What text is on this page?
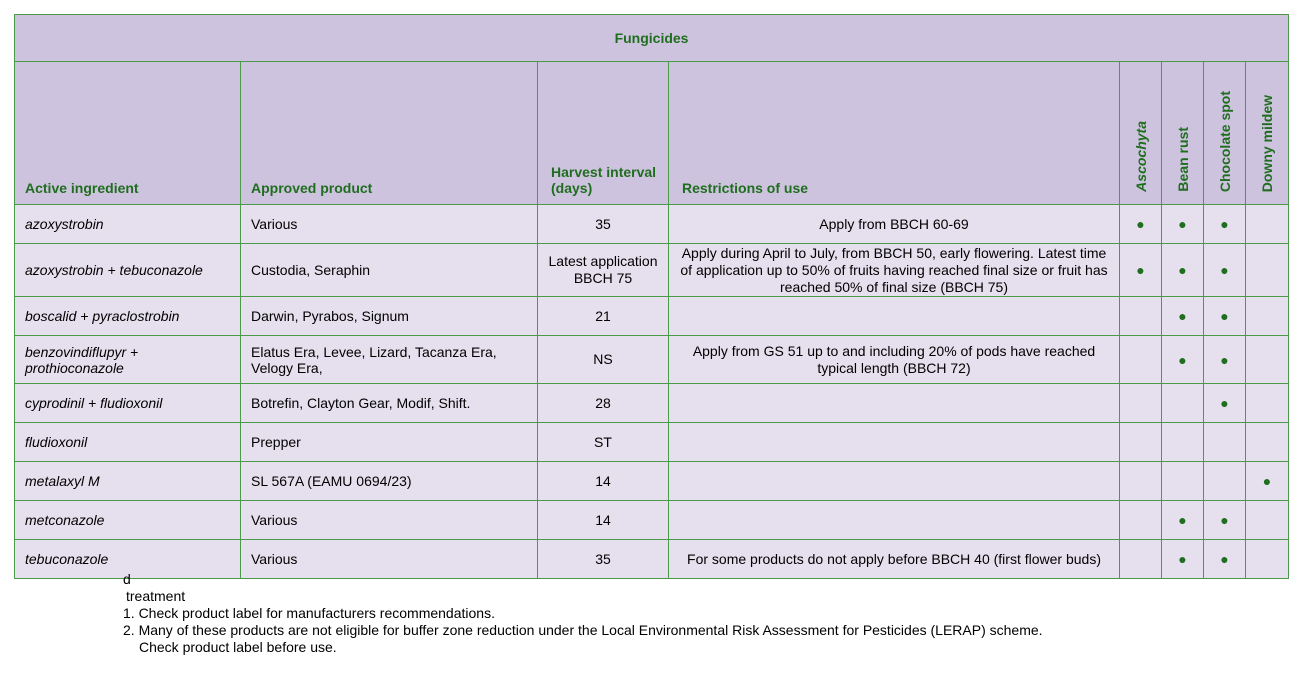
Fungicides							
Active ingredient	Approved product	Harvest interval (days)	Restrictions of use	Ascochyta	Bean rust	Chocolate spot	Downy mildew

azoxystrobin	Various	35	Apply from BBCH 60-69	●	●	●	
azoxystrobin + tebuconazole	Custodia, Seraphin	Latest application BBCH 75	Apply during April to July, from BBCH 50, early flowering. Latest time of application up to 50% of fruits having reached final size or fruit has reached 50% of final size (BBCH 75)	●	●	●	
boscalid + pyraclostrobin	Darwin, Pyrabos, Signum	21			●	●	
benzovindiflupyr + prothioconazole	Elatus Era, Levee, Lizard, Tacanza Era, Velogy Era,	NS	Apply from GS 51 up to and including 20% of pods have reached typical length (BBCH 72)		●	●	
cyprodinil + fludioxonil	Botrefin, Clayton Gear, Modif, Shift.	28				●	
fludioxonil	Prepper	ST					
metalaxyl M	SL 567A (EAMU 0694/23)	14					●
metconazole	Various	14			●	●	
tebuconazole	Various	35	For some products do not apply before BBCH 40 (first flower buds)		●	●	
d
treatment
1. Check product label for manufacturers recommendations.
2. Many of these products are not eligible for buffer zone reduction under the Local Environmental Risk Assessment for Pesticides (LERAP) scheme.
Check product label before use.
